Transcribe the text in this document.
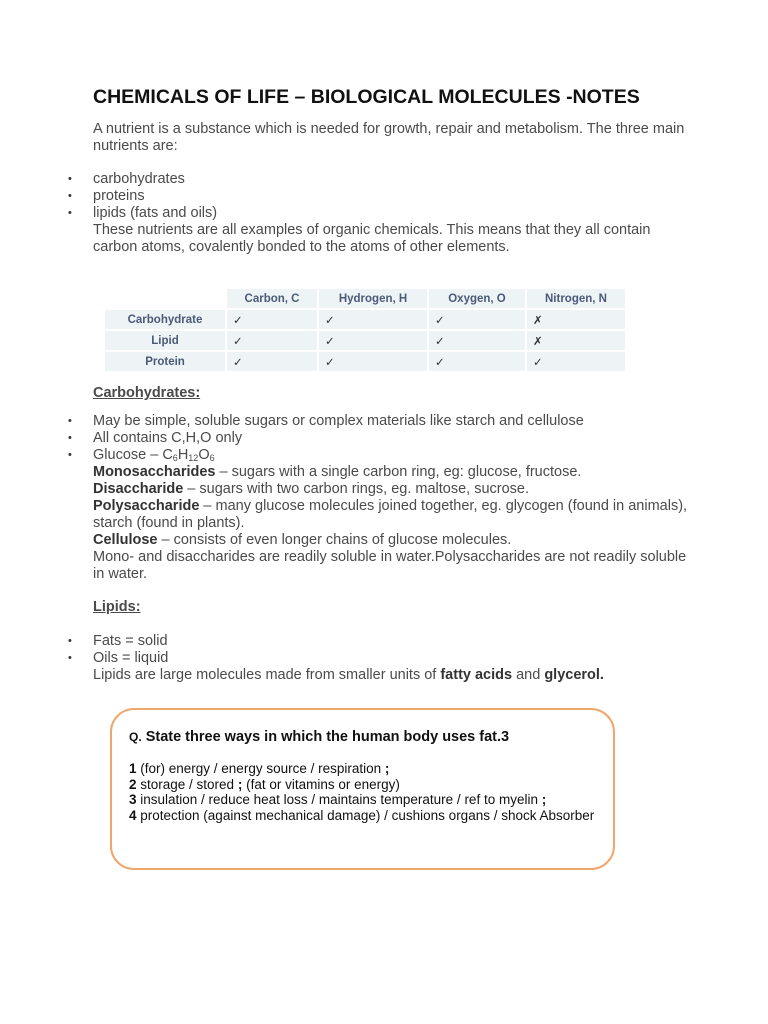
CHEMICALS OF LIFE – BIOLOGICAL MOLECULES -NOTES

A nutrient is a substance which is needed for growth, repair and metabolism. The three main nutrients are:

• carbohydrates
• proteins
• lipids (fats and oils)

These nutrients are all examples of organic chemicals. This means that they all contain carbon atoms, covalently bonded to the atoms of other elements.

	Carbon, C	Hydrogen, H	Oxygen, O	Nitrogen, N
Carbohydrate	✓	✓	✓	✗
Lipid	✓	✓	✓	✗
Protein	✓	✓	✓	✓

Carbohydrates:

• May be simple, soluble sugars or complex materials like starch and cellulose
• All contains C,H,O only
• Glucose – $C_6H_{12}O_6$

Monosaccharides – sugars with a single carbon ring, eg: glucose, fructose.

Disaccharide – sugars with two carbon rings, eg. maltose, sucrose.

Polysaccharide – many glucose molecules joined together, eg. glycogen (found in animals), starch (found in plants).

Cellulose – consists of even longer chains of glucose molecules.

Mono- and disaccharides are readily soluble in water.Polysaccharides are not readily soluble in water.

Lipids:

• Fats = solid
• Oils = liquid

Lipids are large molecules made from smaller units of fatty acids and glycerol.

Q. State three ways in which the human body uses fat.3

1 (for) energy / energy source / respiration ;

2 storage / stored ; (fat or vitamins or energy)

3 insulation / reduce heat loss / maintains temperature / ref to myelin ;

4 protection (against mechanical damage) / cushions organs / shock Absorber
